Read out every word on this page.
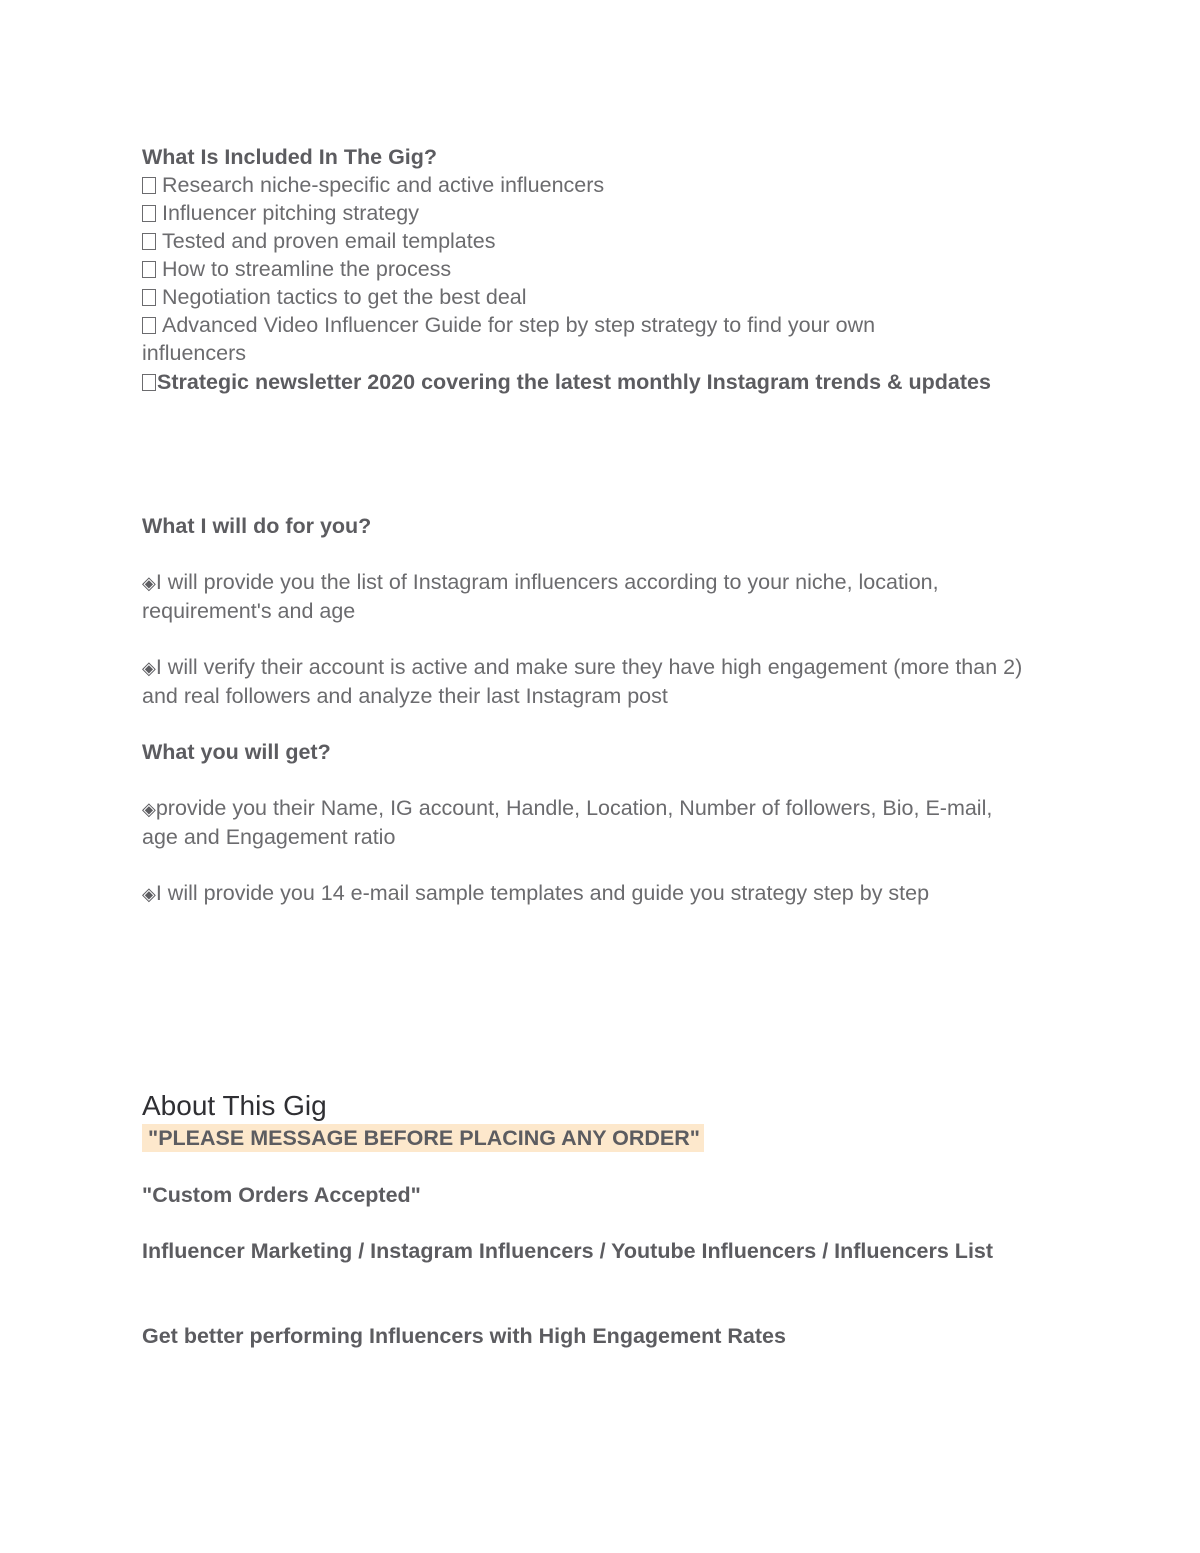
What Is Included In The Gig?
Research niche-specific and active influencers
Influencer pitching strategy
Tested and proven email templates
How to streamline the process
Negotiation tactics to get the best deal
Advanced Video Influencer Guide for step by step strategy to find your own influencers
Strategic newsletter 2020 covering the latest monthly Instagram trends & updates
What I will do for you?
◈I will provide you the list of Instagram influencers according to your niche, location, requirement's and age
◈I will verify their account is active and make sure they have high engagement (more than 2) and real followers and analyze their last Instagram post
What you will get?
◈provide you their Name, IG account, Handle, Location, Number of followers, Bio, E-mail, age and Engagement ratio
◈I will provide you 14 e-mail sample templates and guide you strategy step by step
About This Gig
"PLEASE MESSAGE BEFORE PLACING ANY ORDER"
"Custom Orders Accepted"
Influencer Marketing / Instagram Influencers / Youtube Influencers / Influencers List
Get better performing Influencers with High Engagement Rates
